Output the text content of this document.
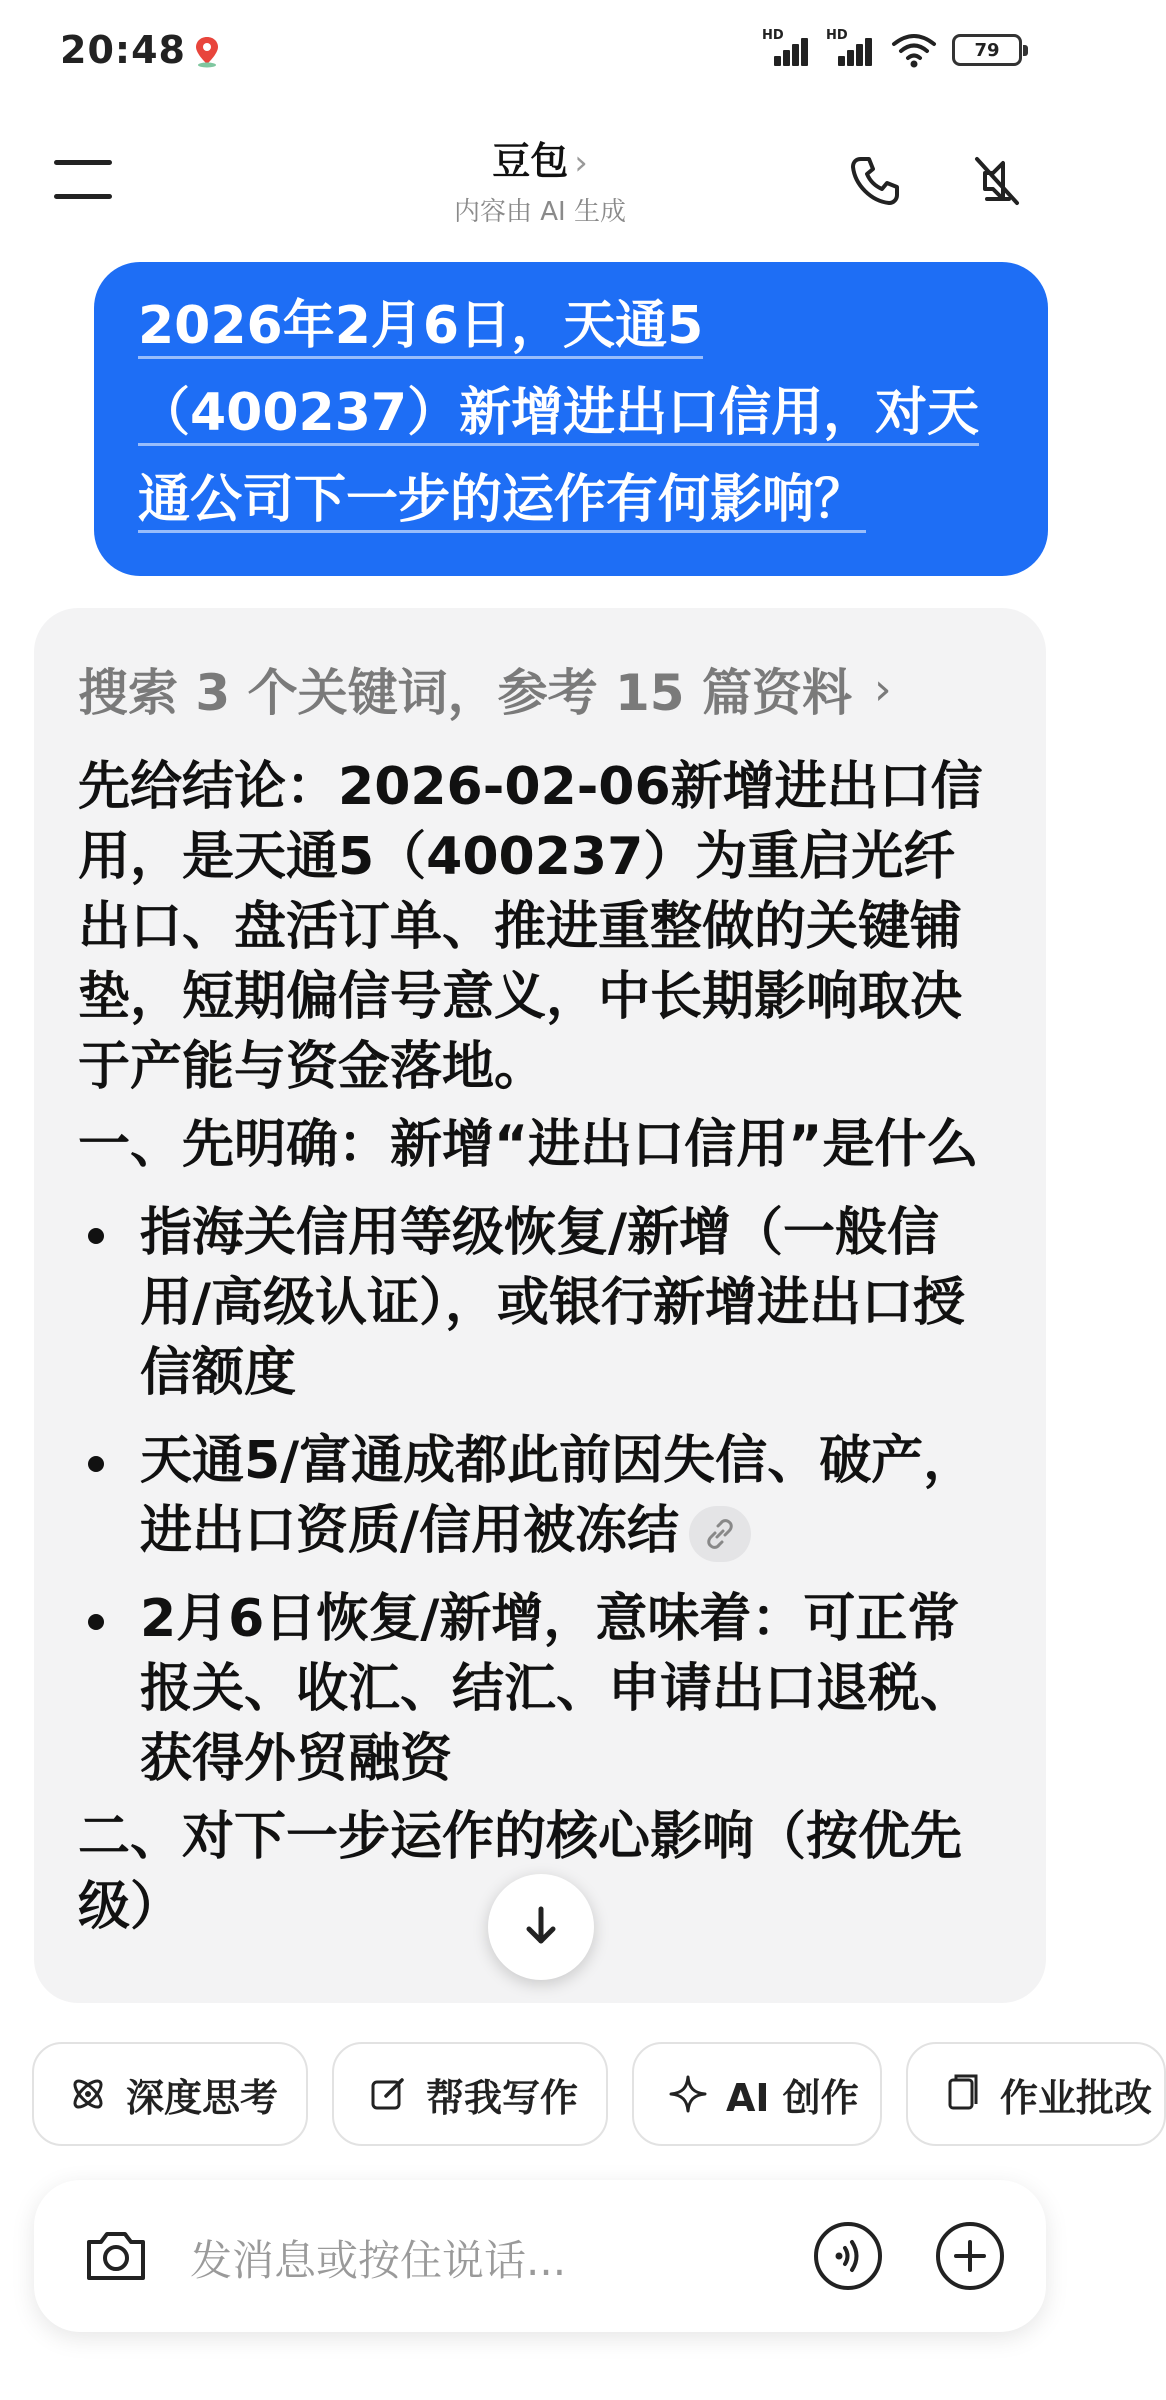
20:48	HD	HD
79
豆包 ›
内容由 AI 生成
2026年2月6日，天通5
（400237）新增进出口信用，对天
通公司下一步的运作有何影响？
搜索 3 个关键词，参考 15 篇资料 ›
先给结论：2026-02-06新增进出口信用，是天通5（400237）为重启光纤出口、盘活订单、推进重整做的关键铺垫，短期偏信号意义，中长期影响取决于产能与资金落地。
一、先明确：新增“进出口信用”是什么
指海关信用等级恢复/新增（一般信用/高级认证），或银行新增进出口授信额度
天通5/富通成都此前因失信、破产，进出口资质/信用被冻结
2月6日恢复/新增，意味着：可正常报关、收汇、结汇、申请出口退税、获得外贸融资
二、对下一步运作的核心影响（按优先级）
深度思考	帮我写作	AI 创作	作业批改
发消息或按住说话...
